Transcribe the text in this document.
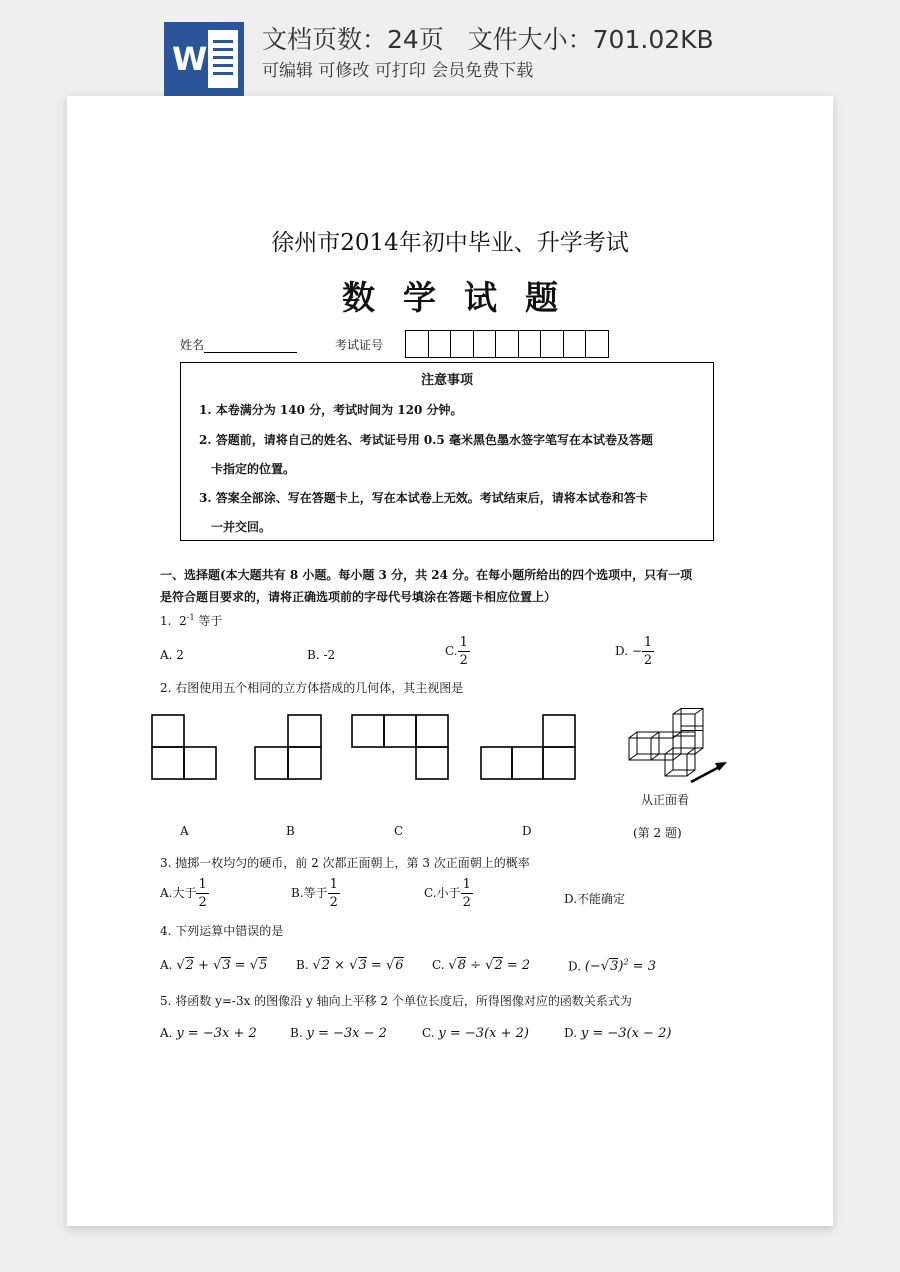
W
文档页数：24页   文件大小：701.02KB
可编辑 可修改 可打印 会员免费下载
徐州市2014年初中毕业、升学考试
数学试题
姓名	考试证号
注意事项
1. 本卷满分为 140 分，考试时间为 120 分钟。
2. 答题前，请将自己的姓名、考试证号用 0.5 毫米黑色墨水签字笔写在本试卷及答题
卡指定的位置。
3. 答案全部涂、写在答题卡上，写在本试卷上无效。考试结束后，请将本试卷和答卡
一并交回。
一、选择题(本大题共有 8 小题。每小题 3 分，共 24 分。在每小题所给出的四个选项中，只有一项
是符合题目要求的，请将正确选项前的字母代号填涂在答题卡相应位置上）
1. $2^{-1}$ 等于
A. 2	B. -2	C. $\frac{1}{2}$	D. − $\frac{1}{2}$
2. 右图使用五个相同的立方体搭成的几何体，其主视图是
从正面看
A	B	C	D	(第 2 题)
3. 抛掷一枚均匀的硬币，前 2 次都正面朝上，第 3 次正面朝上的概率
A.大于 $\frac{1}{2}$	B.等于 $\frac{1}{2}$	C.小于 $\frac{1}{2}$	D.不能确定
4. 下列运算中错误的是
A. √2 + √3 = √5 B. √2 × √3 = √6 C. √8 ÷ √2 = 2	D. $(-√3)^2 = 3$
5. 将函数 y=-3x 的图像沿 y 轴向上平移 2 个单位长度后，所得图像对应的函数关系式为
A. y = −3x + 2	B. y = −3x − 2	C. y = −3(x + 2)	D. y = −3(x − 2)
